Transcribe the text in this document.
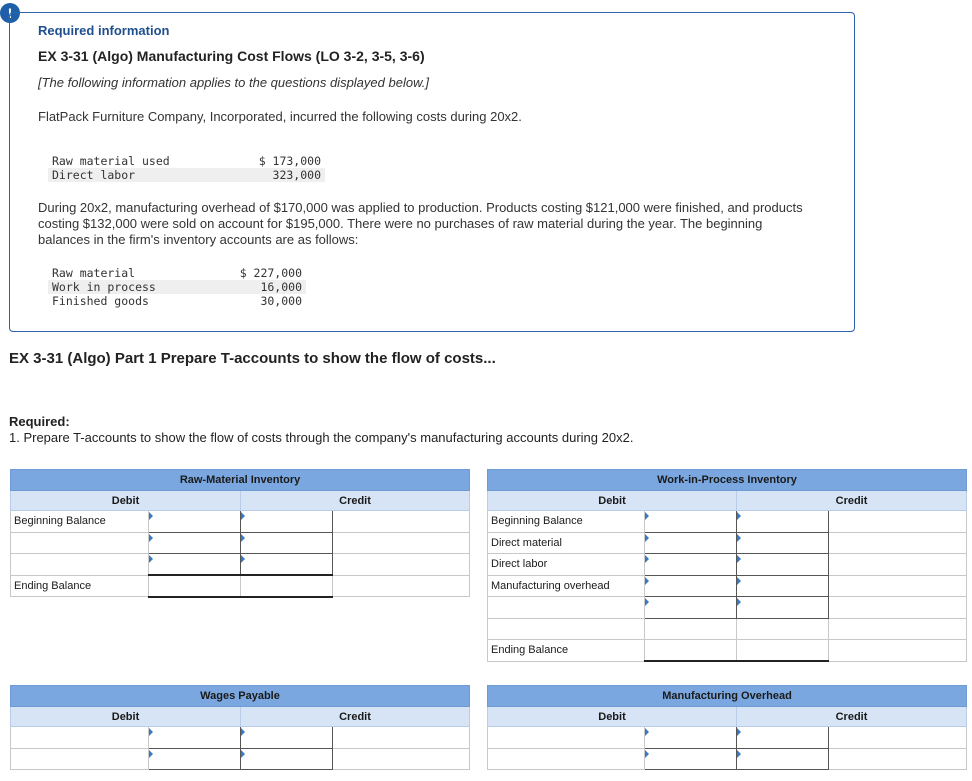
!
Required information
EX 3-31 (Algo) Manufacturing Cost Flows (LO 3-2, 3-5, 3-6)
[The following information applies to the questions displayed below.]
FlatPack Furniture Company, Incorporated, incurred the following costs during 20x2.
Raw material used	$ 173,000
Direct labor	323,000
During 20x2, manufacturing overhead of $170,000 was applied to production. Products costing $121,000 were finished, and products costing $132,000 were sold on account for $195,000. There were no purchases of raw material during the year. The beginning balances in the firm's inventory accounts are as follows:
Raw material	$ 227,000
Work in process	16,000
Finished goods	30,000
EX 3-31 (Algo) Part 1 Prepare T-accounts to show the flow of costs...
Required:
1. Prepare T-accounts to show the flow of costs through the company's manufacturing accounts during 20x2.
Raw-Material Inventory			
Debit		Credit	
Beginning Balance			

Ending Balance			
Work-in-Process Inventory			
Debit		Credit	
Beginning Balance			
Direct material			
Direct labor			
Manufacturing overhead			

Ending Balance			
Wages Payable			
Debit		Credit	

Manufacturing Overhead			
Debit		Credit	
